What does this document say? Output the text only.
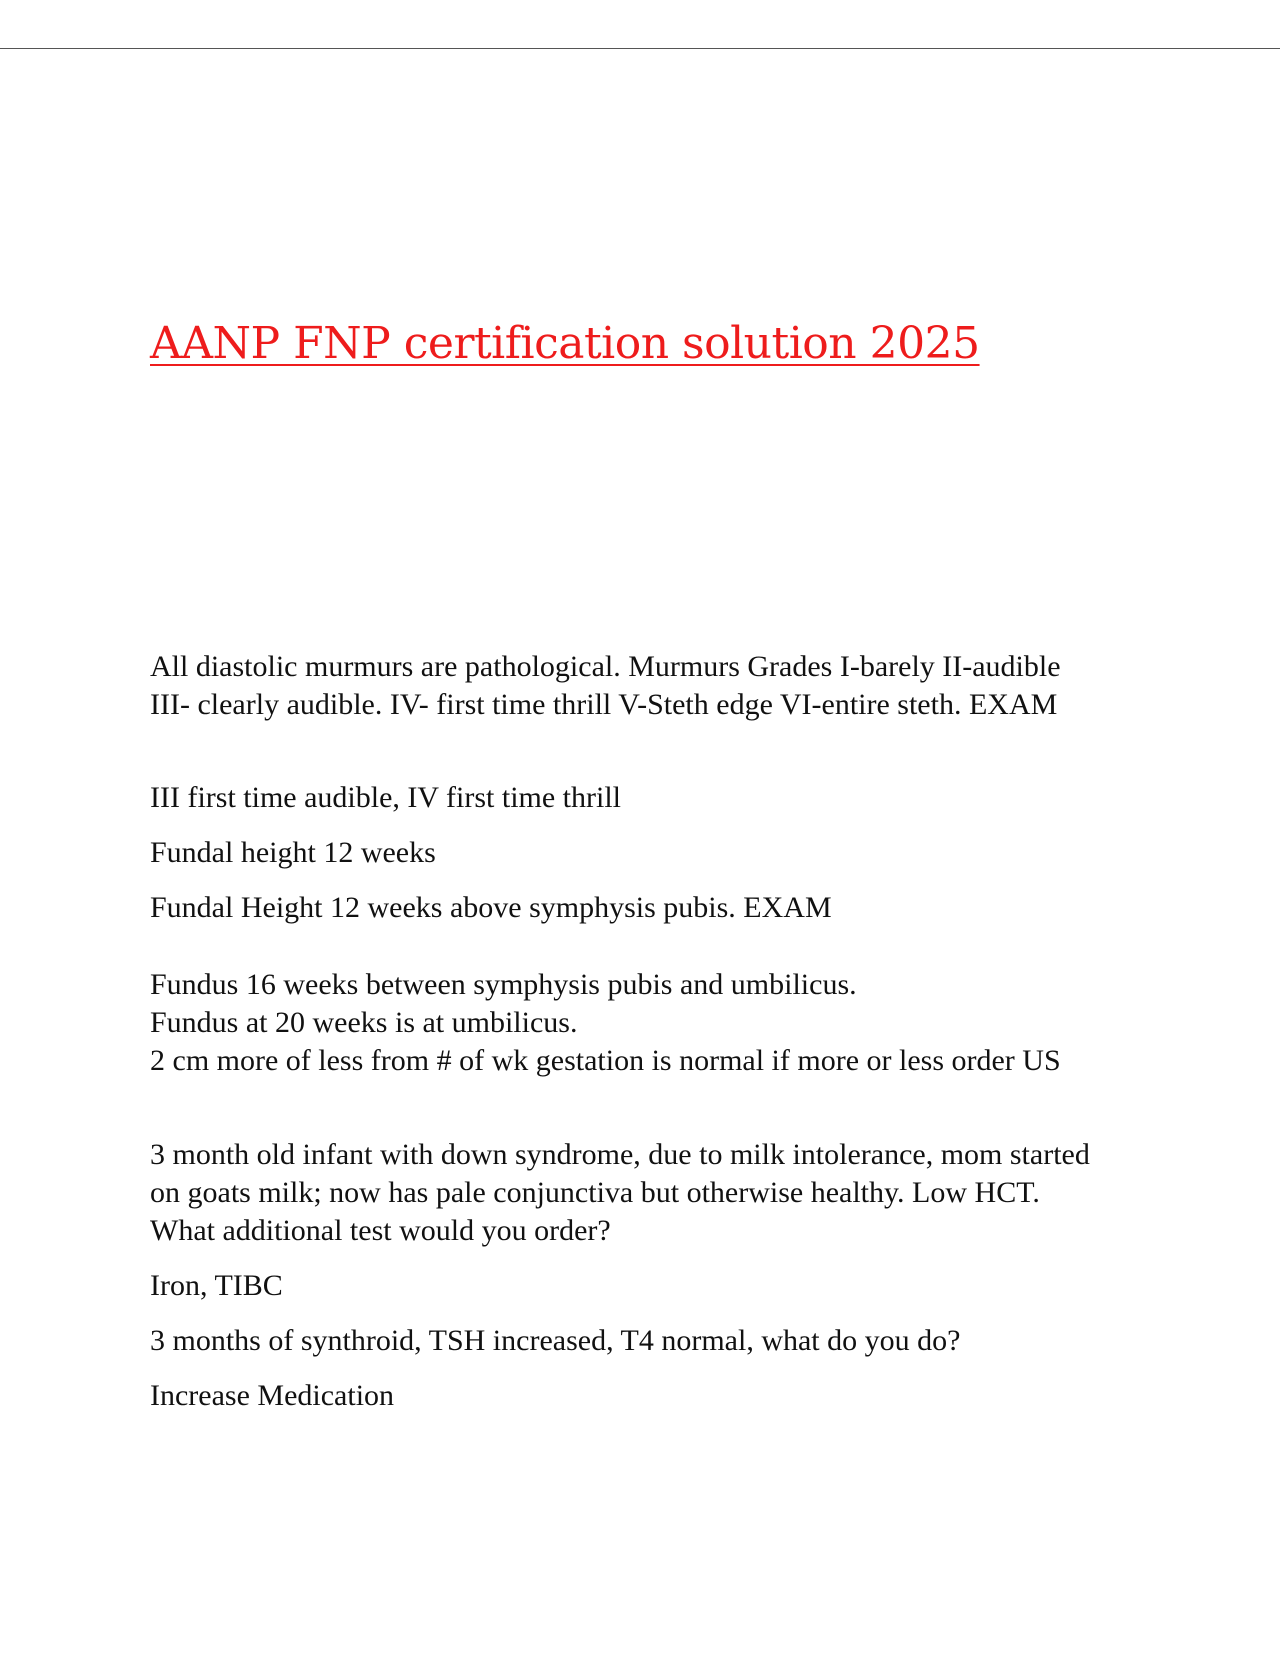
AANP FNP certification solution 2025

All diastolic murmurs are pathological. Murmurs Grades I-barely II-audible III- clearly audible. IV- first time thrill V-Steth edge VI-entire steth. EXAM

III first time audible, IV first time thrill

Fundal height 12 weeks

Fundal Height 12 weeks above symphysis pubis. EXAM

Fundus 16 weeks between symphysis pubis and umbilicus.

Fundus at 20 weeks is at umbilicus.

2 cm more of less from # of wk gestation is normal if more or less order US

3 month old infant with down syndrome, due to milk intolerance, mom started on goats milk; now has pale conjunctiva but otherwise healthy. Low HCT. What additional test would you order?

Iron, TIBC

3 months of synthroid, TSH increased, T4 normal, what do you do?

Increase Medication
